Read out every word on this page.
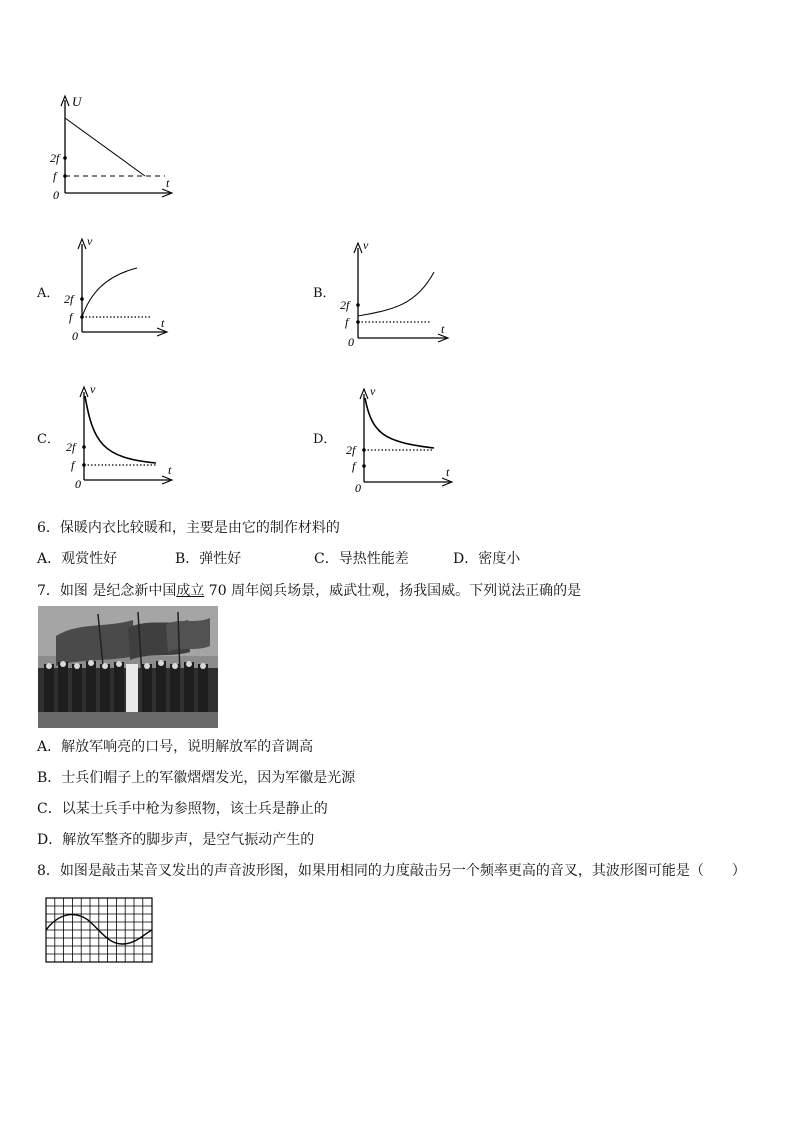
U
t
0
2f
f
A．
v
t
0
2f
f
B．
v
t
0
2f
f
C．
v
t
0
2f
f
D．
v
t
0
2f
f
6．保暖内衣比较暖和，主要是由它的制作材料的
A．观赏性好	B．弹性好	C．导热性能差	D．密度小
7．如图 是纪念新中国成立 70 周年阅兵场景，威武壮观，扬我国威。下列说法正确的是
A．解放军响亮的口号，说明解放军的音调高
B．士兵们帽子上的军徽熠熠发光，因为军徽是光源
C．以某士兵手中枪为参照物，该士兵是静止的
D．解放军整齐的脚步声，是空气振动产生的
8．如图是敲击某音叉发出的声音波形图，如果用相同的力度敲击另一个频率更高的音叉，其波形图可能是（　　）
